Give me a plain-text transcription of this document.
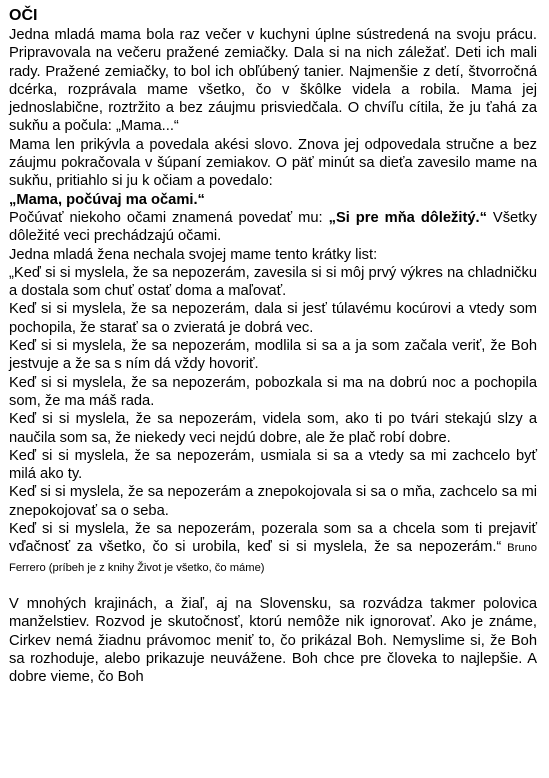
OČI

Jedna mladá mama bola raz večer v kuchyni úplne sústredená na svoju prácu. Pripravovala na večeru pražené zemiačky. Dala si na nich záležať. Deti ich mali rady. Pražené zemiačky, to bol ich obľúbený tanier. Najmenšie z detí, štvorročná dcérka, rozprávala mame všetko, čo v škôlke videla a robila. Mama jej jednoslabične, roztržito a bez záujmu prisviedčala. O chvíľu cítila, že ju ťahá za sukňu a počula: „Mama...“

Mama len prikývla a povedala akési slovo. Znova jej odpovedala stručne a bez záujmu pokračovala v šúpaní zemiakov. O päť minút sa dieťa zavesilo mame na sukňu, pritiahlo si ju k očiam a povedalo:

„Mama, počúvaj ma očami.“

Počúvať niekoho očami znamená povedať mu: „Si pre mňa dôležitý.“ Všetky dôležité veci prechádzajú očami.

Jedna mladá žena nechala svojej mame tento krátky list:

„Keď si si myslela, že sa nepozerám, zavesila si si môj prvý výkres na chladničku a dostala som chuť ostať doma a maľovať.

Keď si si myslela, že sa nepozerám, dala si jesť túlavému kocúrovi a vtedy som pochopila, že starať sa o zvieratá je dobrá vec.

Keď si si myslela, že sa nepozerám, modlila si sa a ja som začala veriť, že Boh jestvuje a že sa s ním dá vždy hovoriť.

Keď si si myslela, že sa nepozerám, pobozkala si ma na dobrú noc a pochopila som, že ma máš rada.

Keď si si myslela, že sa nepozerám, videla som, ako ti po tvári stekajú slzy a naučila som sa, že niekedy veci nejdú dobre, ale že plač robí dobre.

Keď si si myslela, že sa nepozerám, usmiala si sa a vtedy sa mi zachcelo byť milá ako ty.

Keď si si myslela, že sa nepozerám a znepokojovala si sa o mňa, zachcelo sa mi znepokojovať sa o seba.

Keď si si myslela, že sa nepozerám, pozerala som sa a chcela som ti prejaviť vďačnosť za všetko, čo si urobila, keď si si myslela, že sa nepozerám.“ Bruno Ferrero (príbeh je z knihy Život je všetko, čo máme)

V mnohých krajinách, a žiaľ, aj na Slovensku, sa rozvádza takmer polovica manželstiev. Rozvod je skutočnosť, ktorú nemôže nik ignorovať. Ako je známe, Cirkev nemá žiadnu právomoc meniť to, čo prikázal Boh. Nemyslime si, že Boh sa rozhoduje, alebo prikazuje neuvážene. Boh chce pre človeka to najlepšie. A dobre vieme, čo Boh
